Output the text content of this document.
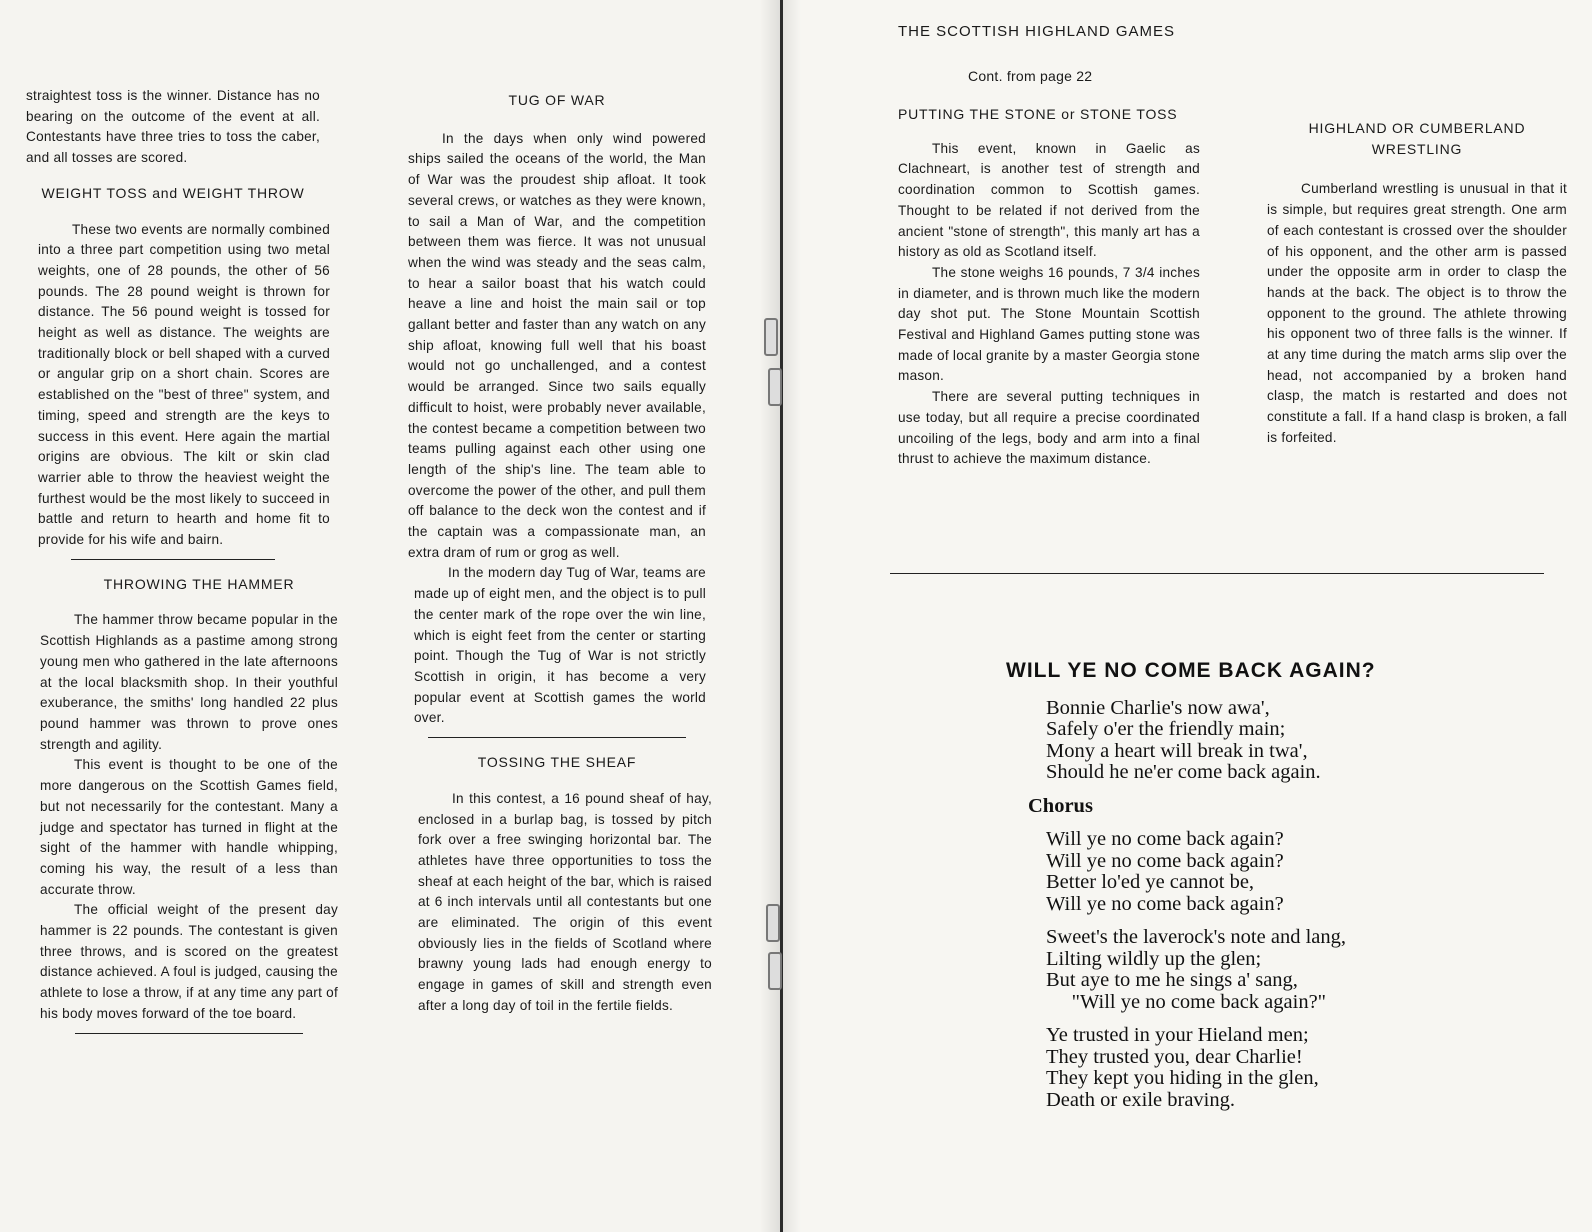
straightest toss is the winner. Distance has no bearing on the outcome of the event at all. Contestants have three tries to toss the caber, and all tosses are scored.

WEIGHT TOSS and WEIGHT THROW

These two events are normally combined into a three part competition using two metal weights, one of 28 pounds, the other of 56 pounds. The 28 pound weight is thrown for distance. The 56 pound weight is tossed for height as well as distance. The weights are traditionally block or bell shaped with a curved or angular grip on a short chain. Scores are established on the "best of three" system, and timing, speed and strength are the keys to success in this event. Here again the martial origins are obvious. The kilt or skin clad warrier able to throw the heaviest weight the furthest would be the most likely to succeed in battle and return to hearth and home fit to provide for his wife and bairn.

THROWING THE HAMMER

The hammer throw became popular in the Scottish Highlands as a pastime among strong young men who gathered in the late afternoons at the local blacksmith shop. In their youthful exuberance, the smiths' long handled 22 plus pound hammer was thrown to prove ones strength and agility.

This event is thought to be one of the more dangerous on the Scottish Games field, but not necessarily for the contestant. Many a judge and spectator has turned in flight at the sight of the hammer with handle whipping, coming his way, the result of a less than accurate throw.

The official weight of the present day hammer is 22 pounds. The contestant is given three throws, and is scored on the greatest distance achieved. A foul is judged, causing the athlete to lose a throw, if at any time any part of his body moves forward of the toe board.

TUG OF WAR

In the days when only wind powered ships sailed the oceans of the world, the Man of War was the proudest ship afloat. It took several crews, or watches as they were known, to sail a Man of War, and the competition between them was fierce. It was not unusual when the wind was steady and the seas calm, to hear a sailor boast that his watch could heave a line and hoist the main sail or top gallant better and faster than any watch on any ship afloat, knowing full well that his boast would not go unchallenged, and a contest would be arranged. Since two sails equally difficult to hoist, were probably never available, the contest became a competition between two teams pulling against each other using one length of the ship's line. The team able to overcome the power of the other, and pull them off balance to the deck won the contest and if the captain was a compassionate man, an extra dram of rum or grog as well.

In the modern day Tug of War, teams are made up of eight men, and the object is to pull the center mark of the rope over the win line, which is eight feet from the center or starting point. Though the Tug of War is not strictly Scottish in origin, it has become a very popular event at Scottish games the world over.

TOSSING THE SHEAF

In this contest, a 16 pound sheaf of hay, enclosed in a burlap bag, is tossed by pitch fork over a free swinging horizontal bar. The athletes have three opportunities to toss the sheaf at each height of the bar, which is raised at 6 inch intervals until all contestants but one are eliminated. The origin of this event obviously lies in the fields of Scotland where brawny young lads had enough energy to engage in games of skill and strength even after a long day of toil in the fertile fields.

THE SCOTTISH HIGHLAND GAMES
Cont. from page 22
PUTTING THE STONE or STONE TOSS

This event, known in Gaelic as Clachneart, is another test of strength and coordination common to Scottish games. Thought to be related if not derived from the ancient "stone of strength", this manly art has a history as old as Scotland itself.

The stone weighs 16 pounds, 7 3/4 inches in diameter, and is thrown much like the modern day shot put. The Stone Mountain Scottish Festival and Highland Games putting stone was made of local granite by a master Georgia stone mason.

There are several putting techniques in use today, but all require a precise coordinated uncoiling of the legs, body and arm into a final thrust to achieve the maximum distance.

HIGHLAND OR CUMBERLAND WRESTLING

Cumberland wrestling is unusual in that it is simple, but requires great strength. One arm of each contestant is crossed over the shoulder of his opponent, and the other arm is passed under the opposite arm in order to clasp the hands at the back. The object is to throw the opponent to the ground. The athlete throwing his opponent two of three falls is the winner. If at any time during the match arms slip over the head, not accompanied by a broken hand clasp, the match is restarted and does not constitute a fall. If a hand clasp is broken, a fall is forfeited.

WILL YE NO COME BACK AGAIN?
Bonnie Charlie's now awa',
Safely o'er the friendly main;
Mony a heart will break in twa',
Should he ne'er come back again.
Chorus
Will ye no come back again?
Will ye no come back again?
Better lo'ed ye cannot be,
Will ye no come back again?
Sweet's the laverock's note and lang,
Lilting wildly up the glen;
But aye to me he sings a' sang,
"Will ye no come back again?"
Ye trusted in your Hieland men;
They trusted you, dear Charlie!
They kept you hiding in the glen,
Death or exile braving.
